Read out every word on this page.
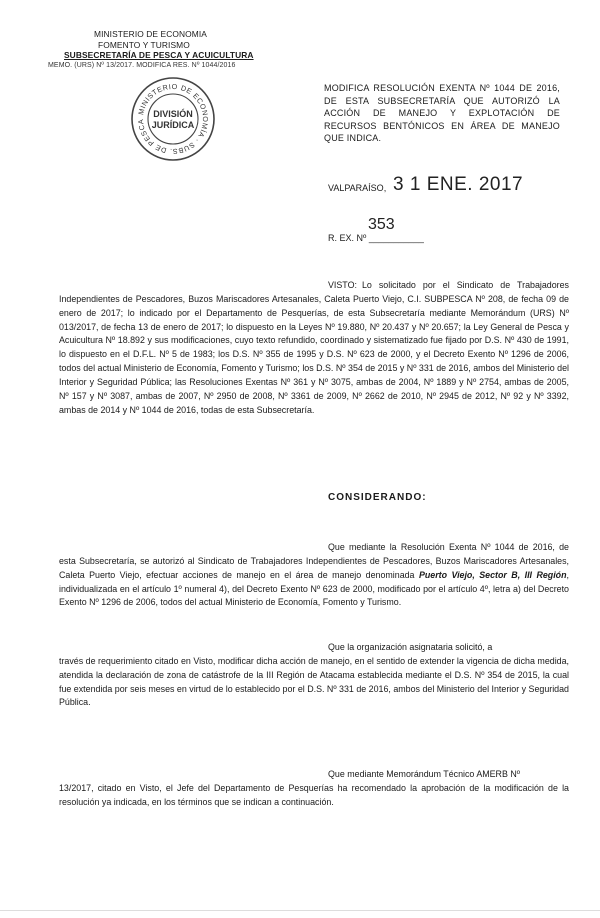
MINISTERIO DE ECONOMIA
FOMENTO Y TURISMO
SUBSECRETARÍA DE PESCA Y ACUICULTURA
MEMO. (URS) Nº 13/2017. MODIFICA RES. Nº 1044/2016
MINISTERIO DE ECONOMÍA · SUBS. DE PESCA
DIVISIÓN
JURÍDICA
MODIFICA RESOLUCIÓN EXENTA Nº 1044 DE 2016, DE ESTA SUBSECRETARÍA QUE AUTORIZÓ LA ACCIÓN DE MANEJO Y EXPLOTACIÓN DE RECURSOS BENTÓNICOS EN ÁREA DE MANEJO QUE INDICA.
VALPARAÍSO, 3 1 ENE. 2017
353
R. EX. Nº ___________
VISTO: Lo solicitado por el Sindicato de Trabajadores Independientes de Pescadores, Buzos Mariscadores Artesanales, Caleta Puerto Viejo, C.I. SUBPESCA Nº 208, de fecha 09 de enero de 2017; lo indicado por el Departamento de Pesquerías, de esta Subsecretaría mediante Memorándum (URS) Nº 013/2017, de fecha 13 de enero de 2017; lo dispuesto en la Leyes Nº 19.880, Nº 20.437 y Nº 20.657; la Ley General de Pesca y Acuicultura Nº 18.892 y sus modificaciones, cuyo texto refundido, coordinado y sistematizado fue fijado por D.S. Nº 430 de 1991, lo dispuesto en el D.F.L. Nº 5 de 1983; los D.S. Nº 355 de 1995 y D.S. Nº 623 de 2000, y el Decreto Exento Nº 1296 de 2006, todos del actual Ministerio de Economía, Fomento y Turismo; los D.S. Nº 354 de 2015 y Nº 331 de 2016, ambos del Ministerio del Interior y Seguridad Pública; las Resoluciones Exentas Nº 361 y Nº 3075, ambas de 2004, Nº 1889 y Nº 2754, ambas de 2005, Nº 157 y Nº 3087, ambas de 2007, Nº 2950 de 2008, Nº 3361 de 2009, Nº 2662 de 2010, Nº 2945 de 2012, Nº 92 y Nº 3392, ambas de 2014 y Nº 1044 de 2016, todas de esta Subsecretaría.
CONSIDERANDO:
Que mediante la Resolución Exenta Nº 1044 de 2016, de esta Subsecretaría, se autorizó al Sindicato de Trabajadores Independientes de Pescadores, Buzos Mariscadores Artesanales, Caleta Puerto Viejo, efectuar acciones de manejo en el área de manejo denominada Puerto Viejo, Sector B, III Región, individualizada en el artículo 1º numeral 4), del Decreto Exento Nº 623 de 2000, modificado por el artículo 4º, letra a) del Decreto Exento Nº 1296 de 2006, todos del actual Ministerio de Economía, Fomento y Turismo.
Que la organización asignataria solicitó, a
través de requerimiento citado en Visto, modificar dicha acción de manejo, en el sentido de extender la vigencia de dicha medida, atendida la declaración de zona de catástrofe de la III Región de Atacama establecida mediante el D.S. Nº 354 de 2015, la cual fue extendida por seis meses en virtud de lo establecido por el D.S. Nº 331 de 2016, ambos del Ministerio del Interior y Seguridad Pública.
Que mediante Memorándum Técnico AMERB Nº
13/2017, citado en Visto, el Jefe del Departamento de Pesquerías ha recomendado la aprobación de la modificación de la resolución ya indicada, en los términos que se indican a continuación.
